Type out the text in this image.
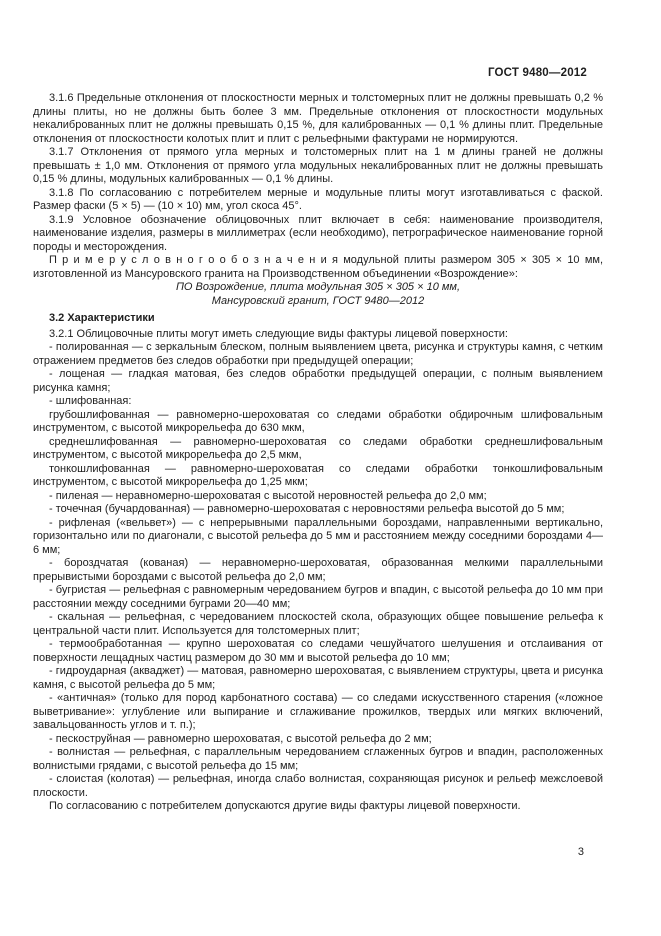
ГОСТ 9480—2012

3.1.6 Предельные отклонения от плоскостности мерных и толстомерных плит не должны превышать 0,2 % длины плиты, но не должны быть более 3 мм. Предельные отклонения от плоскостности модульных некалиброванных плит не должны превышать 0,15 %, для калиброванных — 0,1 % длины плит. Предельные отклонения от плоскостности колотых плит и плит с рельефными фактурами не нормируются.

3.1.7 Отклонения от прямого угла мерных и толстомерных плит на 1 м длины граней не должны превышать ± 1,0 мм. Отклонения от прямого угла модульных некалиброванных плит не должны превышать 0,15 % длины, модульных калиброванных — 0,1 % длины.

3.1.8 По согласованию с потребителем мерные и модульные плиты могут изготавливаться с фаской. Размер фаски (5 × 5) — (10 × 10) мм, угол скоса 45°.

3.1.9 Условное обозначение облицовочных плит включает в себя: наименование производителя, наименование изделия, размеры в миллиметрах (если необходимо), петрографическое наименование горной породы и месторождения.

П р и м е р у с л о в н о г о о б о з н а ч е н и я модульной плиты размером 305 × 305 × 10 мм, изготовленной из Мансуровского гранита на Производственном объединении «Возрождение»:

ПО Возрождение, плита модульная 305 × 305 × 10 мм,

Мансуровский гранит, ГОСТ 9480—2012

3.2 Характеристики

3.2.1 Облицовочные плиты могут иметь следующие виды фактуры лицевой поверхности:

- полированная — с зеркальным блеском, полным выявлением цвета, рисунка и структуры камня, с четким отражением предметов без следов обработки при предыдущей операции;

- лощеная — гладкая матовая, без следов обработки предыдущей операции, с полным выявлением рисунка камня;

- шлифованная:

грубошлифованная — равномерно-шероховатая со следами обработки обдирочным шлифовальным инструментом, с высотой микрорельефа до 630 мкм,

среднешлифованная — равномерно-шероховатая со следами обработки среднешлифовальным инструментом, с высотой микрорельефа до 2,5 мкм,

тонкошлифованная — равномерно-шероховатая со следами обработки тонкошлифовальным инструментом, с высотой микрорельефа до 1,25 мкм;

- пиленая — неравномерно-шероховатая с высотой неровностей рельефа до 2,0 мм;

- точечная (бучардованная) — равномерно-шероховатая с неровностями рельефа высотой до 5 мм;

- рифленая («вельвет») — с непрерывными параллельными бороздами, направленными вертикально, горизонтально или по диагонали, с высотой рельефа до 5 мм и расстоянием между соседними бороздами 4—6 мм;

- бороздчатая (кованая) — неравномерно-шероховатая, образованная мелкими параллельными прерывистыми бороздами с высотой рельефа до 2,0 мм;

- бугристая — рельефная с равномерным чередованием бугров и впадин, с высотой рельефа до 10 мм при расстоянии между соседними буграми 20—40 мм;

- скальная — рельефная, с чередованием плоскостей скола, образующих общее повышение рельефа к центральной части плит. Используется для толстомерных плит;

- термообработанная — крупно шероховатая со следами чешуйчатого шелушения и отслаивания от поверхности лещадных частиц размером до 30 мм и высотой рельефа до 10 мм;

- гидроударная (акваджет) — матовая, равномерно шероховатая, с выявлением структуры, цвета и рисунка камня, с высотой рельефа до 5 мм;

- «античная» (только для пород карбонатного состава) — со следами искусственного старения («ложное выветривание»: углубление или выпирание и сглаживание прожилков, твердых или мягких включений, завальцованность углов и т. п.);

- пескоструйная — равномерно шероховатая, с высотой рельефа до 2 мм;

- волнистая — рельефная, с параллельным чередованием сглаженных бугров и впадин, расположенных волнистыми грядами, с высотой рельефа до 15 мм;

- слоистая (колотая) — рельефная, иногда слабо волнистая, сохраняющая рисунок и рельеф межслоевой плоскости.

По согласованию с потребителем допускаются другие виды фактуры лицевой поверхности.

3
